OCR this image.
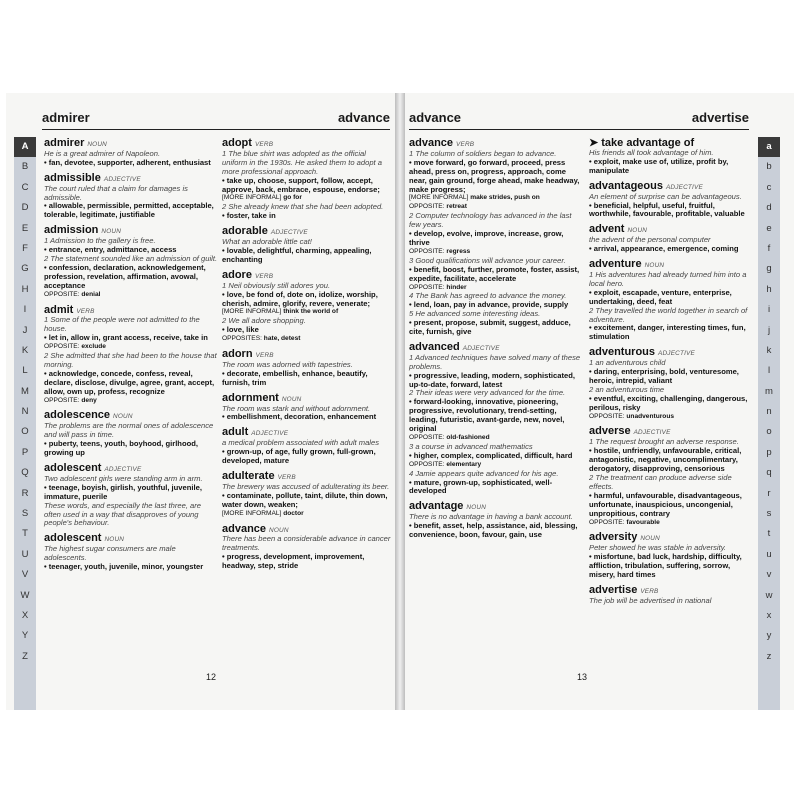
A
B
C
D
E
F
G
H
I
J
K
L
M
N
O
P
Q
R
S
T
U
V
W
X
Y
Z
admirer	advance
admirer NOUN
He is a great admirer of Napoleon.
• fan, devotee, supporter, adherent, enthusiast
admissible ADJECTIVE
The court ruled that a claim for damages is admissible.
• allowable, permissible, permitted, acceptable, tolerable, legitimate, justifiable
admission NOUN
1 Admission to the gallery is free.
• entrance, entry, admittance, access
2 The statement sounded like an admission of guilt.
• confession, declaration, acknowledgement, profession, revelation, affirmation, avowal, acceptance
OPPOSITE: denial
admit VERB
1 Some of the people were not admitted to the house.
• let in, allow in, grant access, receive, take in
OPPOSITE: exclude
2 She admitted that she had been to the house that morning.
• acknowledge, concede, confess, reveal, declare, disclose, divulge, agree, grant, accept, allow, own up, profess, recognize
OPPOSITE: deny
adolescence NOUN
The problems are the normal ones of adolescence and will pass in time.
• puberty, teens, youth, boyhood, girlhood, growing up
adolescent ADJECTIVE
Two adolescent girls were standing arm in arm.
• teenage, boyish, girlish, youthful, juvenile, immature, puerile
These words, and especially the last three, are often used in a way that disapproves of young people's behaviour.
adolescent NOUN
The highest sugar consumers are male adolescents.
• teenager, youth, juvenile, minor, youngster
adopt VERB
1 The blue shirt was adopted as the official uniform in the 1930s. He asked them to adopt a more professional approach.
• take up, choose, support, follow, accept, approve, back, embrace, espouse, endorse;
[MORE INFORMAL] go for
2 She already knew that she had been adopted.
• foster, take in
adorable ADJECTIVE
What an adorable little cat!
• lovable, delightful, charming, appealing, enchanting
adore VERB
1 Neil obviously still adores you.
• love, be fond of, dote on, idolize, worship, cherish, admire, glorify, revere, venerate;
[MORE INFORMAL] think the world of
2 We all adore shopping.
• love, like
OPPOSITES: hate, detest
adorn VERB
The room was adorned with tapestries.
• decorate, embellish, enhance, beautify, furnish, trim
adornment NOUN
The room was stark and without adornment.
• embellishment, decoration, enhancement
adult ADJECTIVE
a medical problem associated with adult males
• grown-up, of age, fully grown, full-grown, developed, mature
adulterate VERB
The brewery was accused of adulterating its beer.
• contaminate, pollute, taint, dilute, thin down, water down, weaken;
[MORE INFORMAL] doctor
advance NOUN
There has been a considerable advance in cancer treatments.
• progress, development, improvement, headway, step, stride
12
advance	advertise
advance VERB
1 The column of soldiers began to advance.
• move forward, go forward, proceed, press ahead, press on, progress, approach, come near, gain ground, forge ahead, make headway, make progress;
[MORE INFORMAL] make strides, push on
OPPOSITE: retreat
2 Computer technology has advanced in the last few years.
• develop, evolve, improve, increase, grow, thrive
OPPOSITE: regress
3 Good qualifications will advance your career.
• benefit, boost, further, promote, foster, assist, expedite, facilitate, accelerate
OPPOSITE: hinder
4 The Bank has agreed to advance the money.
• lend, loan, pay in advance, provide, supply
5 He advanced some interesting ideas.
• present, propose, submit, suggest, adduce, cite, furnish, give
advanced ADJECTIVE
1 Advanced techniques have solved many of these problems.
• progressive, leading, modern, sophisticated, up-to-date, forward, latest
2 Their ideas were very advanced for the time.
• forward-looking, innovative, pioneering, progressive, revolutionary, trend-setting, leading, futuristic, avant-garde, new, novel, original
OPPOSITE: old-fashioned
3 a course in advanced mathematics
• higher, complex, complicated, difficult, hard
OPPOSITE: elementary
4 Jamie appears quite advanced for his age.
• mature, grown-up, sophisticated, well-developed
advantage NOUN
There is no advantage in having a bank account.
• benefit, asset, help, assistance, aid, blessing, convenience, boon, favour, gain, use
➤ take advantage of
His friends all took advantage of him.
• exploit, make use of, utilize, profit by, manipulate
advantageous ADJECTIVE
An element of surprise can be advantageous.
• beneficial, helpful, useful, fruitful, worthwhile, favourable, profitable, valuable
advent NOUN
the advent of the personal computer
• arrival, appearance, emergence, coming
adventure NOUN
1 His adventures had already turned him into a local hero.
• exploit, escapade, venture, enterprise, undertaking, deed, feat
2 They travelled the world together in search of adventure.
• excitement, danger, interesting times, fun, stimulation
adventurous ADJECTIVE
1 an adventurous child
• daring, enterprising, bold, venturesome, heroic, intrepid, valiant
2 an adventurous time
• eventful, exciting, challenging, dangerous, perilous, risky
OPPOSITE: unadventurous
adverse ADJECTIVE
1 The request brought an adverse response.
• hostile, unfriendly, unfavourable, critical, antagonistic, negative, uncomplimentary, derogatory, disapproving, censorious
2 The treatment can produce adverse side effects.
• harmful, unfavourable, disadvantageous, unfortunate, inauspicious, uncongenial, unpropitious, contrary
OPPOSITE: favourable
adversity NOUN
Peter showed he was stable in adversity.
• misfortune, bad luck, hardship, difficulty, affliction, tribulation, suffering, sorrow, misery, hard times
advertise VERB
The job will be advertised in national
13
a
b
c
d
e
f
g
h
i
j
k
l
m
n
o
p
q
r
s
t
u
v
w
x
y
z
